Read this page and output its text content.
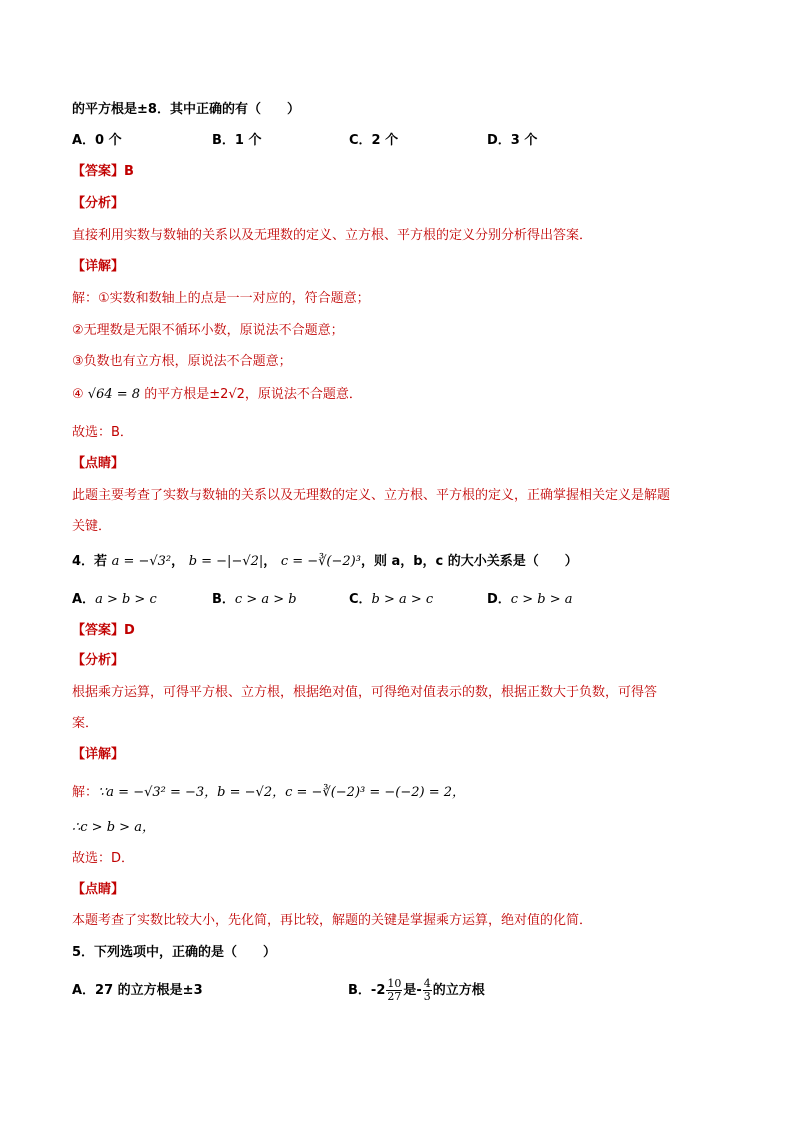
的平方根是±8．其中正确的有（　　）
A．0 个	B．1 个	C．2 个	D．3 个
【答案】B
【分析】
直接利用实数与数轴的关系以及无理数的定义、立方根、平方根的定义分别分析得出答案．
【详解】
解：①实数和数轴上的点是一一对应的，符合题意；
②无理数是无限不循环小数，原说法不合题意；
③负数也有立方根，原说法不合题意；
④ √64 = 8 的平方根是±2√2，原说法不合题意．
故选：B．
【点睛】
此题主要考查了实数与数轴的关系以及无理数的定义、立方根、平方根的定义，正确掌握相关定义是解题
关键．
4．若 a = −√3²， b = −|−√2|， c = −∛(−2)³，则 a，b，c 的大小关系是（　　）
A．a > b > c	B．c > a > b	C．b > a > c	D．c > b > a
【答案】D
【分析】
根据乘方运算，可得平方根、立方根，根据绝对值，可得绝对值表示的数，根据正数大于负数，可得答
案．
【详解】
解：∵a = −√3² = −3，b = −√2，c = −∛(−2)³ = −(−2) = 2，
∴c > b > a，
故选：D．
【点睛】
本题考查了实数比较大小，先化简，再比较，解题的关键是掌握乘方运算，绝对值的化简．
5．下列选项中，正确的是（　　）
A．27 的立方根是±3	B．$-2 \frac{10}{27}$ 是- $\frac{4}{3}$ 的立方根
